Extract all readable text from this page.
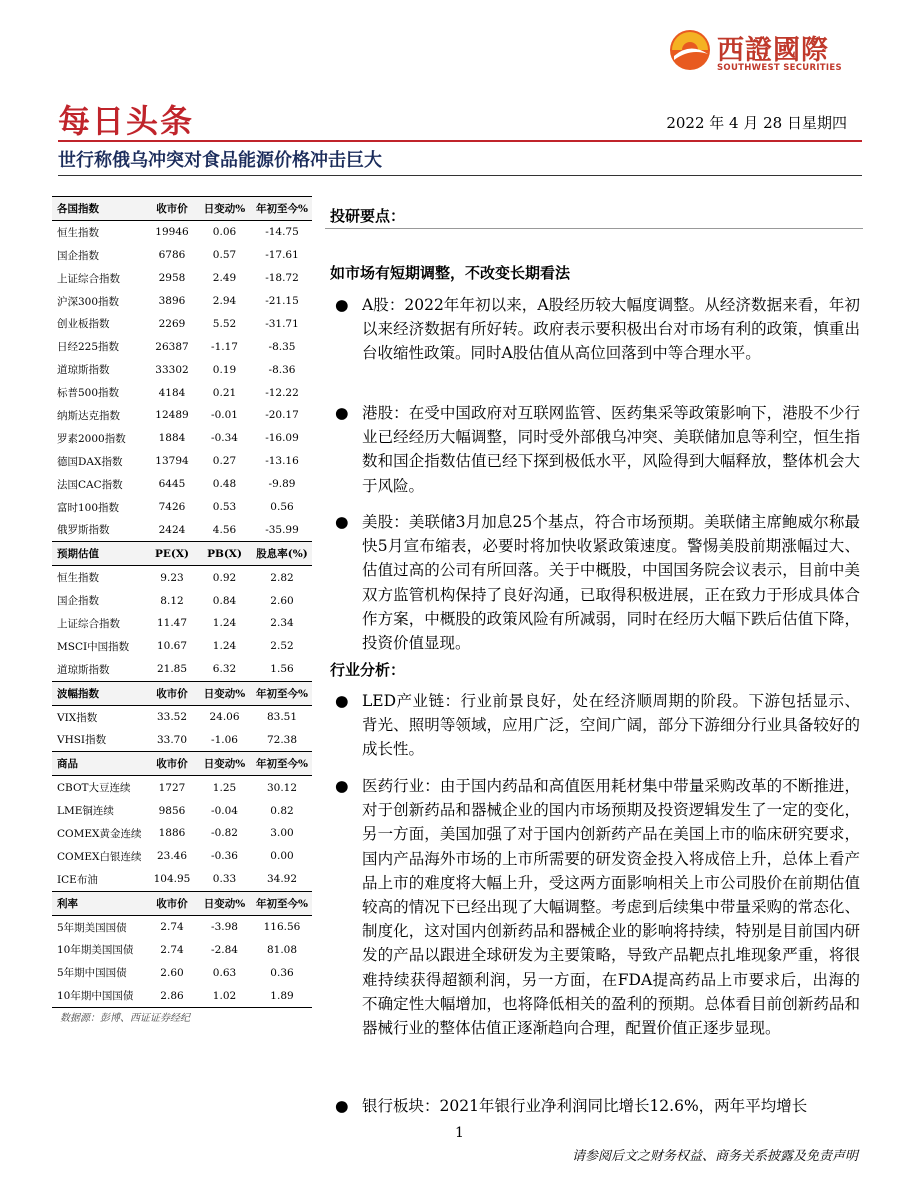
西證國際
SOUTHWEST SECURITIES
每日头条	2022 年 4 月 28 日星期四
世行称俄乌冲突对食品能源价格冲击巨大
各国指数	收市价	日变动%	年初至今%
恒生指数	19946	0.06	-14.75
国企指数	6786	0.57	-17.61
上证综合指数	2958	2.49	-18.72
沪深300指数	3896	2.94	-21.15
创业板指数	2269	5.52	-31.71
日经225指数	26387	-1.17	-8.35
道琼斯指数	33302	0.19	-8.36
标普500指数	4184	0.21	-12.22
纳斯达克指数	12489	-0.01	-20.17
罗素2000指数	1884	-0.34	-16.09
德国DAX指数	13794	0.27	-13.16
法国CAC指数	6445	0.48	-9.89
富时100指数	7426	0.53	0.56
俄罗斯指数	2424	4.56	-35.99
预期估值	PE(X)	PB(X)	股息率(%)
恒生指数	9.23	0.92	2.82
国企指数	8.12	0.84	2.60
上证综合指数	11.47	1.24	2.34
MSCI中国指数	10.67	1.24	2.52
道琼斯指数	21.85	6.32	1.56
波幅指数	收市价	日变动%	年初至今%
VIX指数	33.52	24.06	83.51
VHSI指数	33.70	-1.06	72.38
商品	收市价	日变动%	年初至今%
CBOT大豆连续	1727	1.25	30.12
LME铜连续	9856	-0.04	0.82
COMEX黄金连续	1886	-0.82	3.00
COMEX白银连续	23.46	-0.36	0.00
ICE布油	104.95	0.33	34.92
利率	收市价	日变动%	年初至今%
5年期美国国债	2.74	-3.98	116.56
10年期美国国债	2.74	-2.84	81.08
5年期中国国债	2.60	0.63	0.36
10年期中国国债	2.86	1.02	1.89
数据源：彭博、西证证券经纪
投研要点：
如市场有短期调整，不改变长期看法
● A股：2022年年初以来，A股经历较大幅度调整。从经济数据来看，年初以来经济数据有所好转。政府表示要积极出台对市场有利的政策，慎重出台收缩性政策。同时A股估值从高位回落到中等合理水平。
● 港股：在受中国政府对互联网监管、医药集采等政策影响下，港股不少行业已经经历大幅调整，同时受外部俄乌冲突、美联储加息等利空，恒生指数和国企指数估值已经下探到极低水平，风险得到大幅释放，整体机会大于风险。
● 美股：美联储3月加息25个基点，符合市场预期。美联储主席鲍威尔称最快5月宣布缩表，必要时将加快收紧政策速度。警惕美股前期涨幅过大、估值过高的公司有所回落。关于中概股，中国国务院会议表示，目前中美双方监管机构保持了良好沟通，已取得积极进展，正在致力于形成具体合作方案，中概股的政策风险有所减弱，同时在经历大幅下跌后估值下降，投资价值显现。
行业分析：
● LED产业链：行业前景良好，处在经济顺周期的阶段。下游包括显示、背光、照明等领域，应用广泛，空间广阔，部分下游细分行业具备较好的成长性。
● 医药行业：由于国内药品和高值医用耗材集中带量采购改革的不断推进，对于创新药品和器械企业的国内市场预期及投资逻辑发生了一定的变化，另一方面，美国加强了对于国内创新药产品在美国上市的临床研究要求，国内产品海外市场的上市所需要的研发资金投入将成倍上升，总体上看产品上市的难度将大幅上升，受这两方面影响相关上市公司股价在前期估值较高的情况下已经出现了大幅调整。考虑到后续集中带量采购的常态化、制度化，这对国内创新药品和器械企业的影响将持续，特别是目前国内研发的产品以跟进全球研发为主要策略，导致产品靶点扎堆现象严重，将很难持续获得超额利润，另一方面，在FDA提高药品上市要求后，出海的不确定性大幅增加，也将降低相关的盈利的预期。总体看目前创新药品和器械行业的整体估值正逐渐趋向合理，配置价值正逐步显现。
● 银行板块：2021年银行业净利润同比增长12.6%，两年平均增长
1
请参阅后文之财务权益、商务关系披露及免责声明
